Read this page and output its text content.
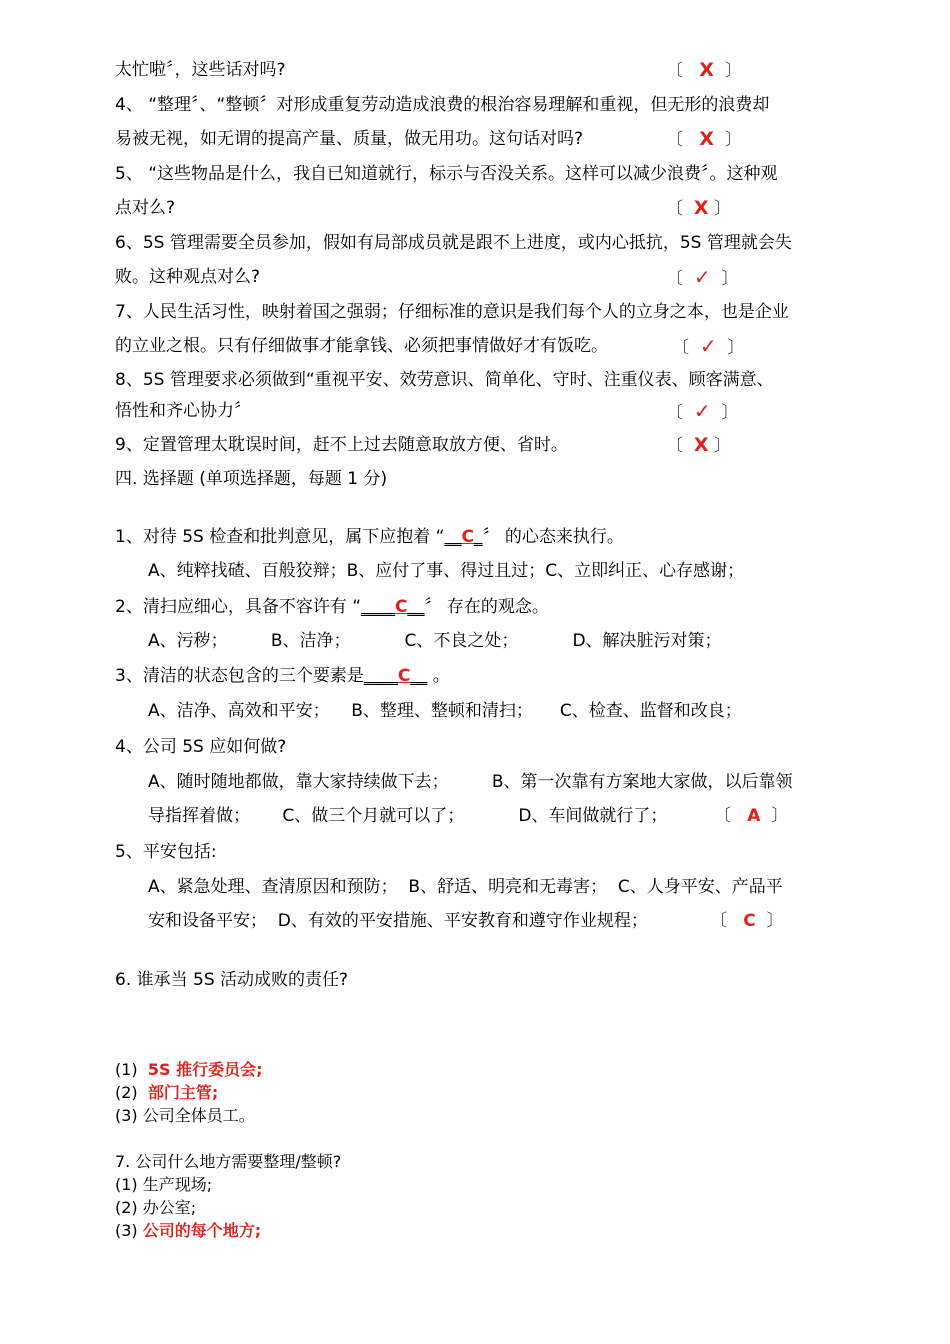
太忙啦〞，这些话对吗?	〔 X 〕
4、 “整理〞、“整顿〞对形成重复劳动造成浪费的根治容易理解和重视，但无形的浪费却
易被无视，如无谓的提高产量、质量，做无用功。这句话对吗?	〔 X 〕
5、 “这些物品是什么，我自已知道就行，标示与否没关系。这样可以减少浪费〞。这种观
点对么?	〔 X 〕
6、5S 管理需要全员参加，假如有局部成员就是跟不上进度，或内心抵抗，5S 管理就会失
败。这种观点对么?	〔 ✓ 〕
7、人民生活习性，映射着国之强弱；仔细标准的意识是我们每个人的立身之本，也是企业
的立业之根。只有仔细做事才能拿钱、必须把事情做好才有饭吃。	〔 ✓ 〕
8、5S 管理要求必须做到“重视平安、效劳意识、简单化、守时、注重仪表、顾客满意、
悟性和齐心协力〞	〔 ✓ 〕
9、定置管理太耽误时间，赶不上过去随意取放方便、省时。	〔 X 〕
四. 选择题 (单项选择题，每题 1 分)
1、对待 5S 检查和批判意见，属下应抱着 “__C_〞 的心态来执行。
A、纯粹找碴、百般狡辩；B、应付了事、得过且过；C、立即纠正、心存感谢；
2、清扫应细心，具备不容许有 “____C__〞 存在的观念。
A、污秽；        B、洁净；          C、不良之处；          D、解决脏污对策；
3、清洁的状态包含的三个要素是____C__ 。
A、洁净、高效和平安；    B、整理、整顿和清扫；     C、检查、监督和改良；
4、公司 5S 应如何做?
A、随时随地都做，靠大家持续做下去；        B、第一次靠有方案地大家做，以后靠领
导指挥着做；      C、做三个月就可以了；          D、车间做就行了；	〔 A 〕
5、平安包括:
A、紧急处理、查清原因和预防；  B、舒适、明亮和无毒害；  C、人身平安、产品平
安和设备平安；  D、有效的平安措施、平安教育和遵守作业规程；	〔 C 〕
6. 谁承当 5S 活动成败的责任?
(1) 5S 推行委员会;
(2) 部门主管;
(3) 公司全体员工。
7. 公司什么地方需要整理/整顿?
(1) 生产现场;
(2) 办公室;
(3) 公司的每个地方;
